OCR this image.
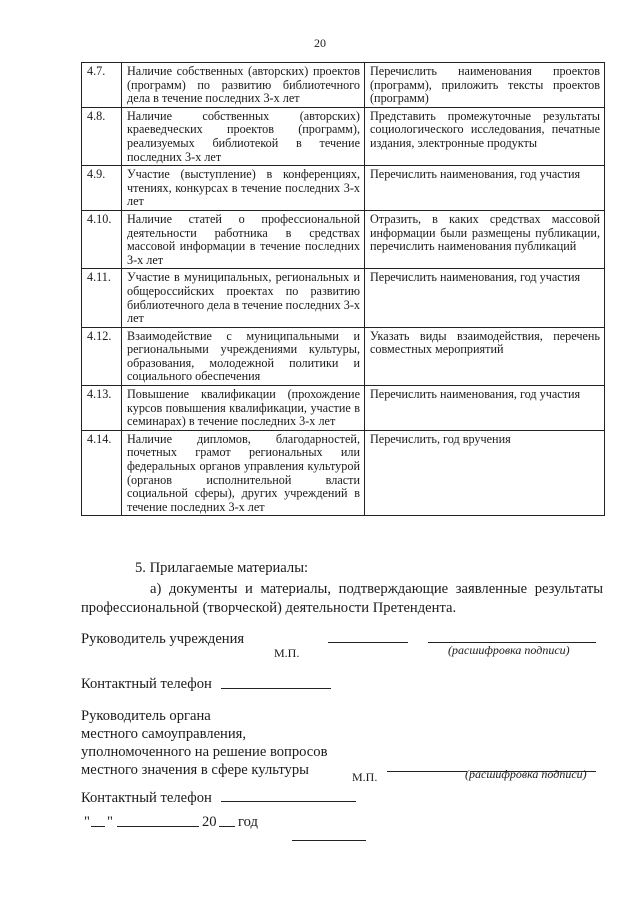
20
4.7.	Наличие собственных (авторских) проектов (программ) по развитию библиотечного дела в течение последних 3-х лет	Перечислить наименования проектов (программ), приложить тексты проектов (программ)
4.8.	Наличие собственных (авторских) краеведческих проектов (программ), реализуемых библиотекой в течение последних 3-х лет	Представить промежуточные результаты социологического исследования, печатные издания, электронные продукты
4.9.	Участие (выступление) в конференциях, чтениях, конкурсах в течение последних 3-х лет	Перечислить наименования, год участия
4.10.	Наличие статей о профессиональной деятельности работника в средствах массовой информации в течение последних 3-х лет	Отразить, в каких средствах массовой информации были размещены публикации, перечислить наименования публикаций
4.11.	Участие в муниципальных, региональных и общероссийских проектах по развитию библиотечного дела в течение последних 3-х лет	Перечислить наименования, год участия
4.12.	Взаимодействие с муниципальными и региональными учреждениями культуры, образования, молодежной политики и социального обеспечения	Указать виды взаимодействия, перечень совместных мероприятий
4.13.	Повышение квалификации (прохождение курсов повышения квалификации, участие в семинарах) в течение последних 3-х лет	Перечислить наименования, год участия
4.14.	Наличие дипломов, благодарностей, почетных грамот региональных или федеральных органов управления культурой (органов исполнительной власти социальной сферы), других учреждений в течение последних 3-х лет	Перечислить, год вручения
5. Прилагаемые материалы:
а) документы и материалы, подтверждающие заявленные результаты
профессиональной (творческой) деятельности Претендента.
Руководитель учреждения
М.П.	(расшифровка подписи)
Контактный телефон
Руководитель органа
местного самоуправления,
уполномоченного на решение вопросов
местного значения в сфере культуры	М.П.	(расшифровка подписи)
Контактный телефон
" "	20 год
